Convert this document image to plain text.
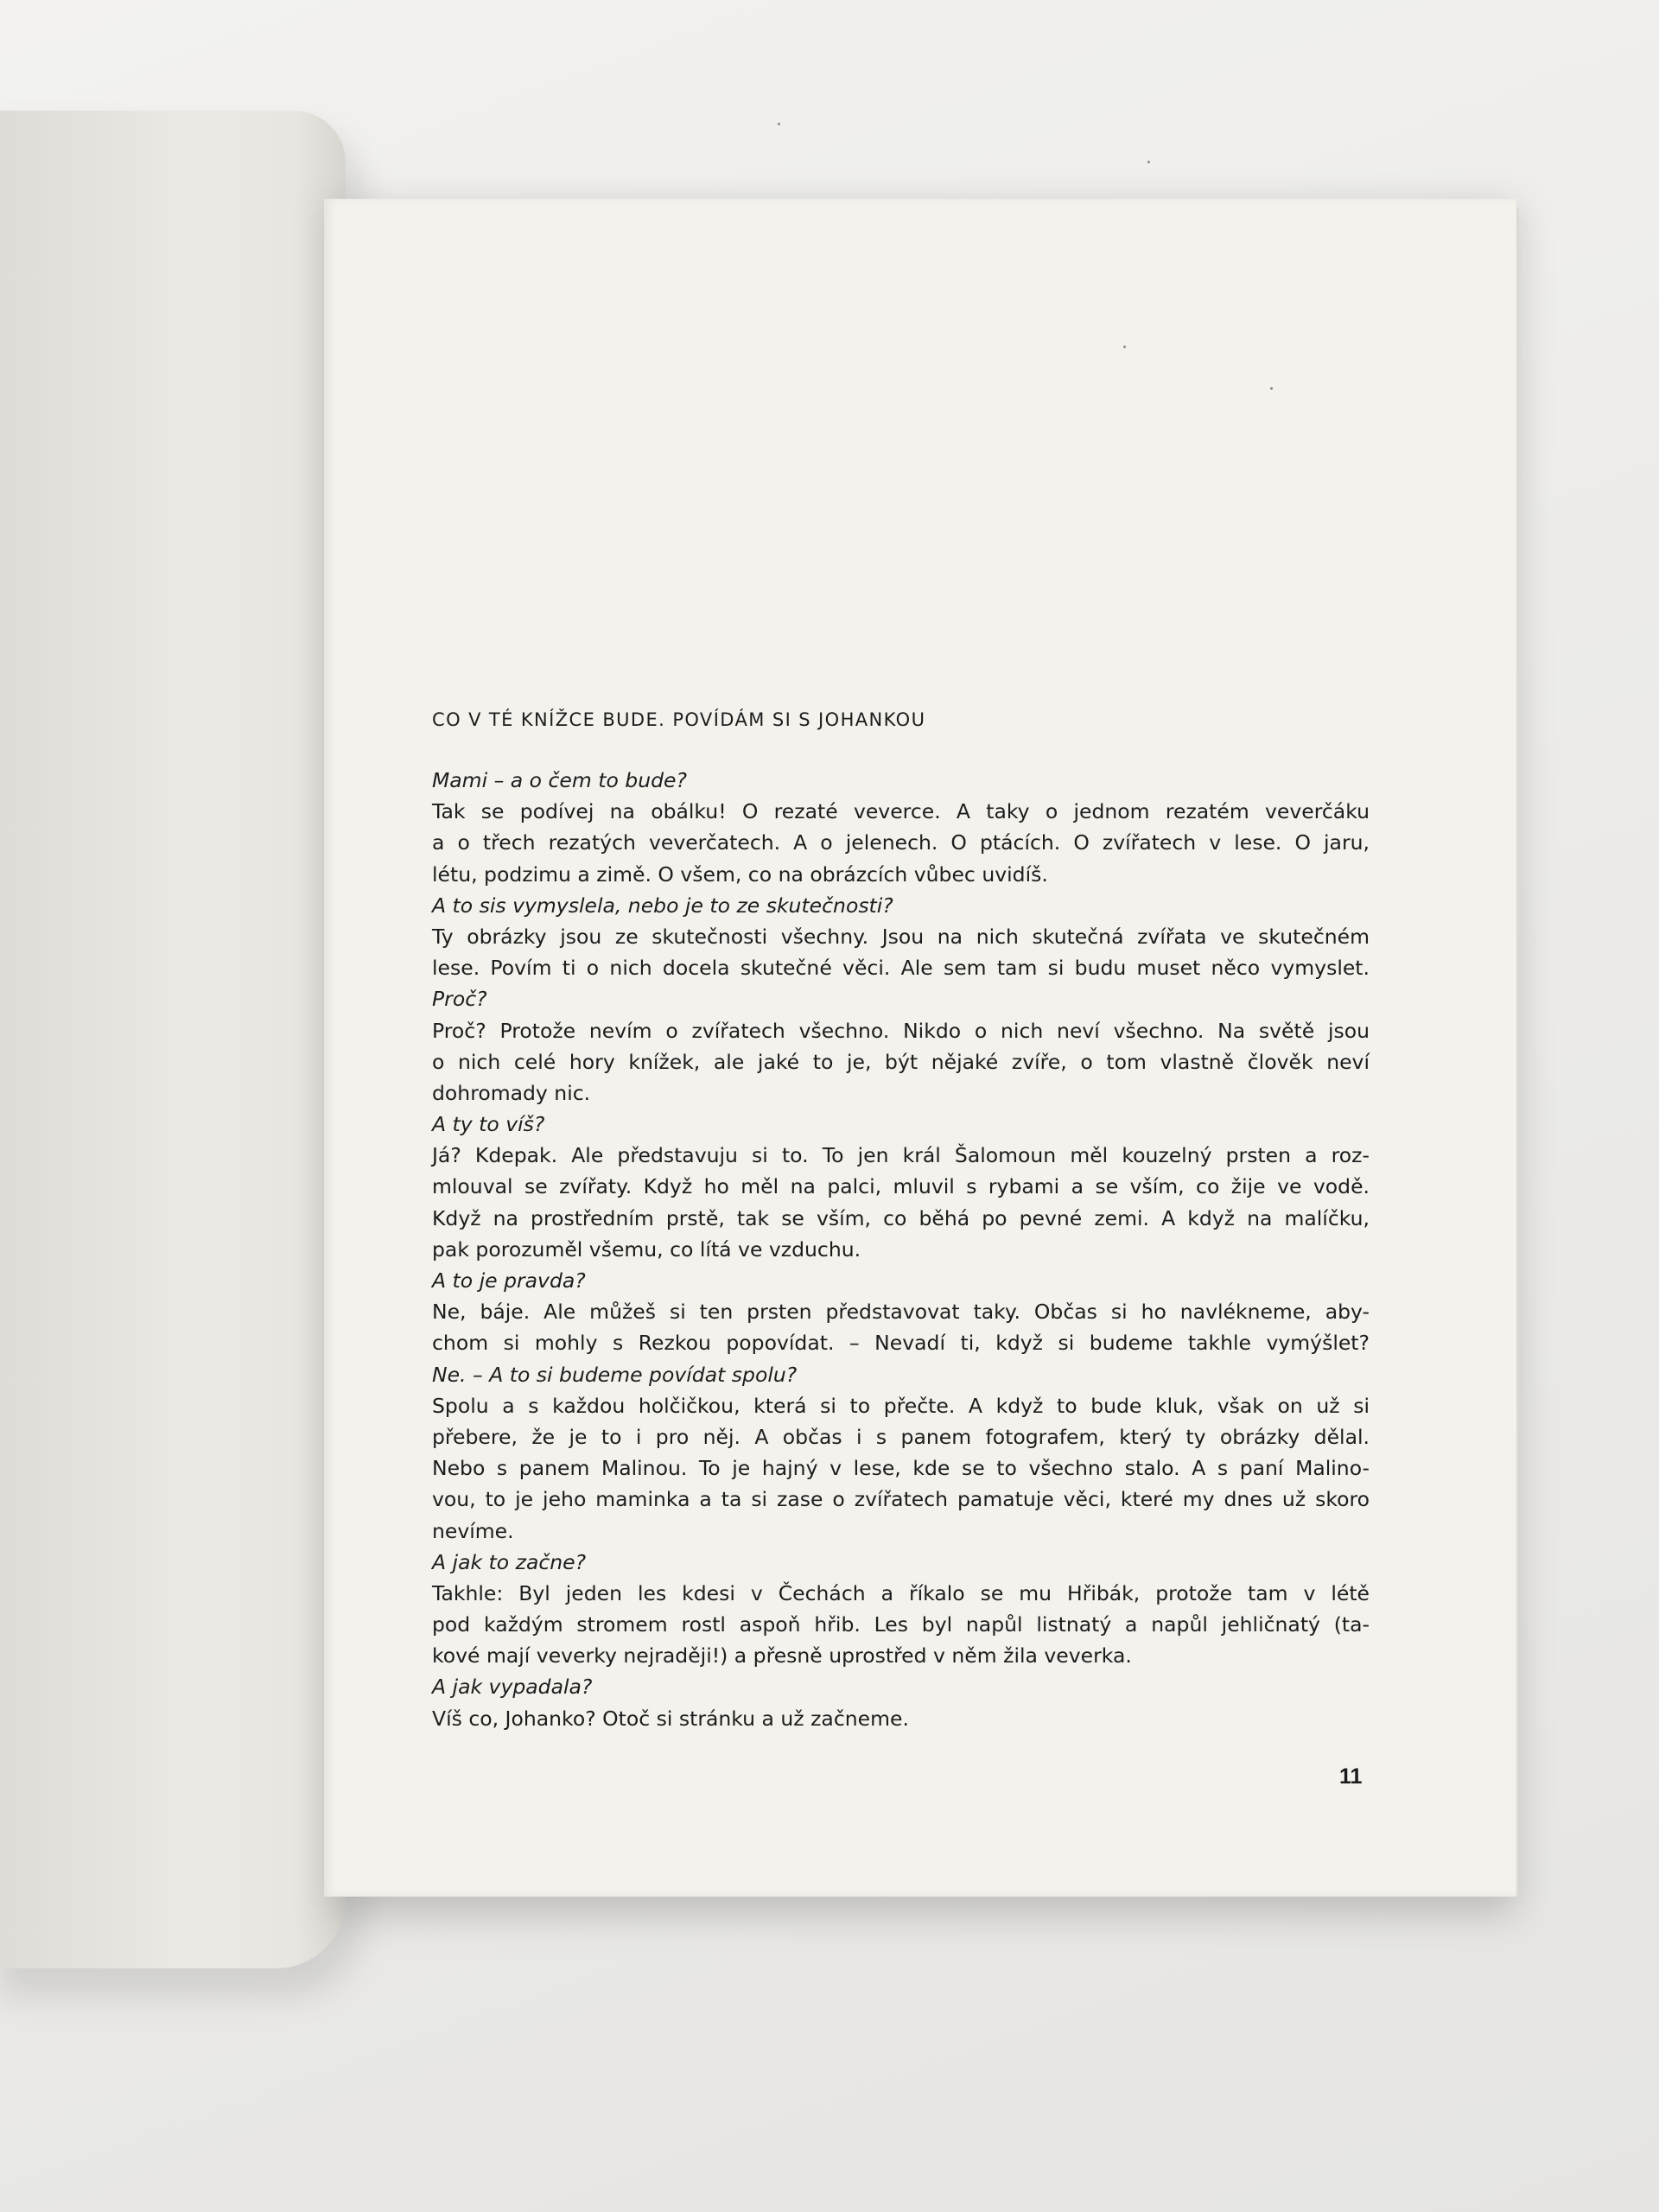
CO V TÉ KNÍŽCE BUDE. POVÍDÁM SI S JOHANKOU
Mami – a o čem to bude?
Tak se podívej na obálku! O rezaté veverce. A taky o jednom rezatém veverčáku
a o třech rezatých veverčatech. A o jelenech. O ptácích. O zvířatech v lese. O jaru,
létu, podzimu a zimě. O všem, co na obrázcích vůbec uvidíš.
A to sis vymyslela, nebo je to ze skutečnosti?
Ty obrázky jsou ze skutečnosti všechny. Jsou na nich skutečná zvířata ve skutečném
lese. Povím ti o nich docela skutečné věci. Ale sem tam si budu muset něco vymyslet.
Proč?
Proč? Protože nevím o zvířatech všechno. Nikdo o nich neví všechno. Na světě jsou
o nich celé hory knížek, ale jaké to je, být nějaké zvíře, o tom vlastně člověk neví
dohromady nic.
A ty to víš?
Já? Kdepak. Ale představuju si to. To jen král Šalomoun měl kouzelný prsten a roz-
mlouval se zvířaty. Když ho měl na palci, mluvil s rybami a se vším, co žije ve vodě.
Když na prostředním prstě, tak se vším, co běhá po pevné zemi. A když na malíčku,
pak porozuměl všemu, co lítá ve vzduchu.
A to je pravda?
Ne, báje. Ale můžeš si ten prsten představovat taky. Občas si ho navlékneme, aby-
chom si mohly s Rezkou popovídat. – Nevadí ti, když si budeme takhle vymýšlet?
Ne. – A to si budeme povídat spolu?
Spolu a s každou holčičkou, která si to přečte. A když to bude kluk, však on už si
přebere, že je to i pro něj. A občas i s panem fotografem, který ty obrázky dělal.
Nebo s panem Malinou. To je hajný v lese, kde se to všechno stalo. A s paní Malino-
vou, to je jeho maminka a ta si zase o zvířatech pamatuje věci, které my dnes už skoro
nevíme.
A jak to začne?
Takhle: Byl jeden les kdesi v Čechách a říkalo se mu Hřibák, protože tam v létě
pod každým stromem rostl aspoň hřib. Les byl napůl listnatý a napůl jehličnatý (ta-
kové mají veverky nejraději!) a přesně uprostřed v něm žila veverka.
A jak vypadala?
Víš co, Johanko? Otoč si stránku a už začneme.
11
